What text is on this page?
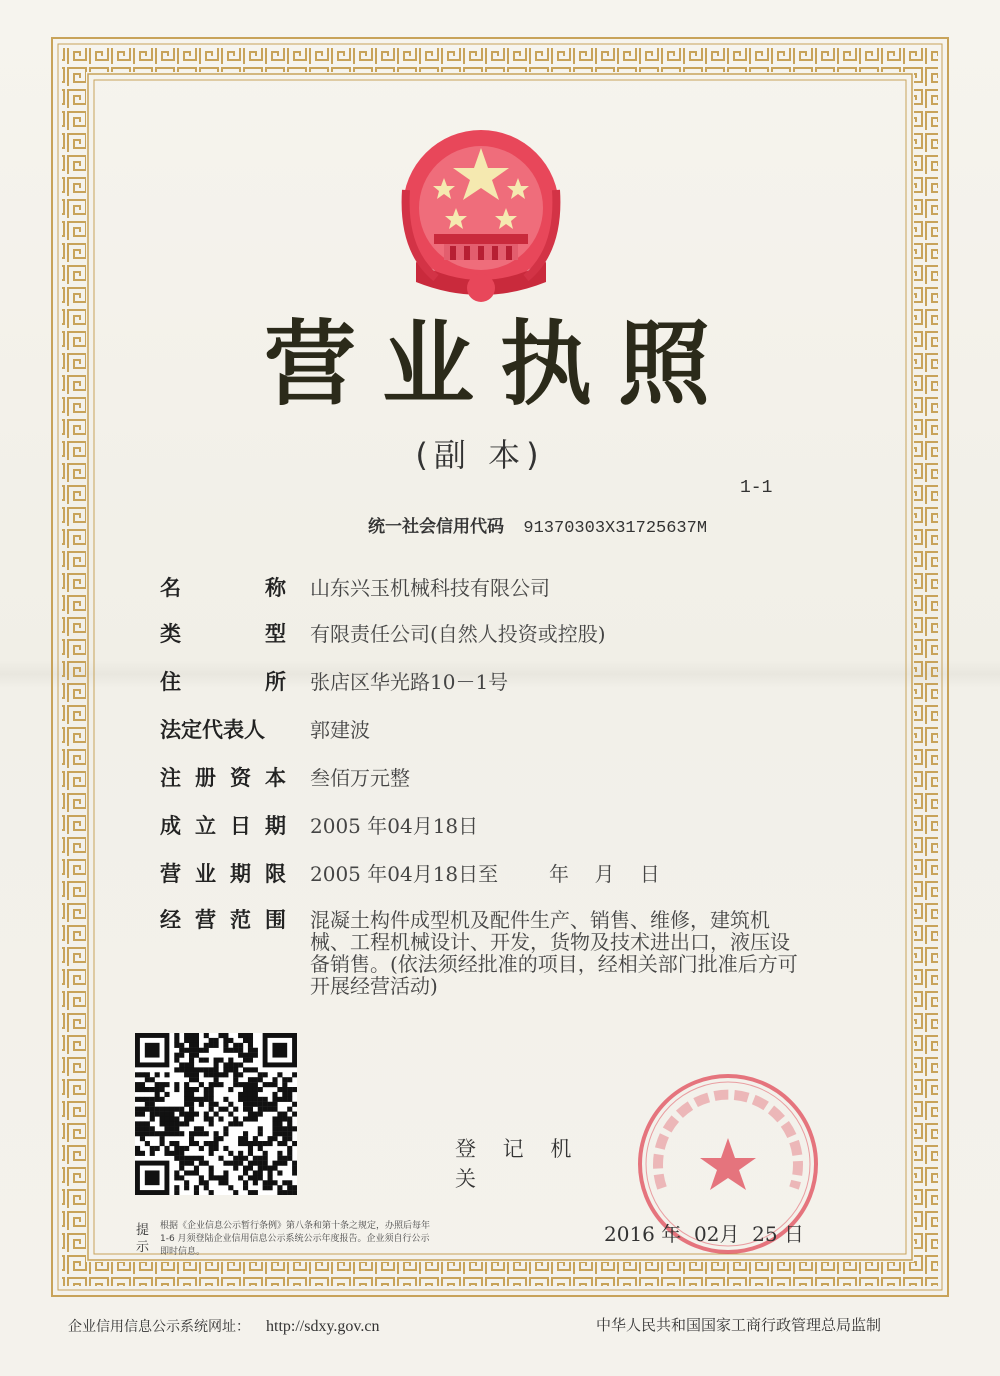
营业执照
(副 本)
1-1
统一社会信用代码 91370303X31725637M
名	称 山东兴玉机械科技有限公司
类	型 有限责任公司(自然人投资或控股)
住	所 张店区华光路10－1号
法定代表人 郭建波
注 册 资 本 叁佰万元整
成 立 日 期 2005 年04月18日
营 业 期 限 2005 年04月18日至        年    月    日
经 营 范 围 混凝土构件成型机及配件生产、销售、维修，建筑机械、工程机械设计、开发，货物及技术进出口，液压设备销售。(依法须经批准的项目，经相关部门批准后方可开展经营活动)
登 记 机 关
2016 年 02月 25 日
提示
根据《企业信息公示暂行条例》第八条和第十条之规定，办照后每年1-6 月须登陆企业信用信息公示系统公示年度报告。企业须自行公示即时信息。
企业信用信息公示系统网址： http://sdxy.gov.cn	中华人民共和国国家工商行政管理总局监制
